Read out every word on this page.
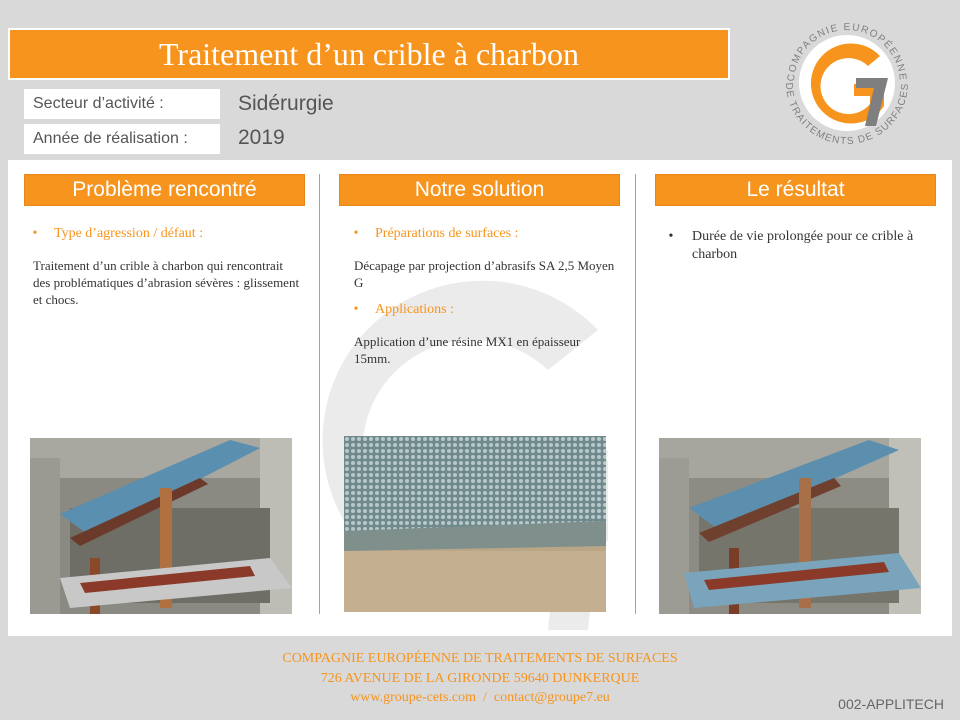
Traitement d’un crible à charbon
Secteur d’activité :	Sidérurgie
Année de réalisation :	2019
COMPAGNIE EUROPÉENNE
DE TRAITEMENTS DE SURFACES
Problème rencontré	Notre solution	Le résultat
• Type d’agression / défaut :
Traitement d’un crible à charbon qui rencontrait des problématiques d’abrasion sévères : glissement et chocs.
• Préparations de surfaces :
Décapage par projection d’abrasifs SA 2,5 Moyen G
• Applications :
Application d’une résine MX1 en épaisseur 15mm.
• Durée de vie prolongée pour ce crible à charbon
COMPAGNIE EUROPÉENNE DE TRAITEMENTS DE SURFACES
726 AVENUE DE LA GIRONDE 59640 DUNKERQUE
www.groupe-cets.com  /  contact@groupe7.eu	002-APPLITECH
